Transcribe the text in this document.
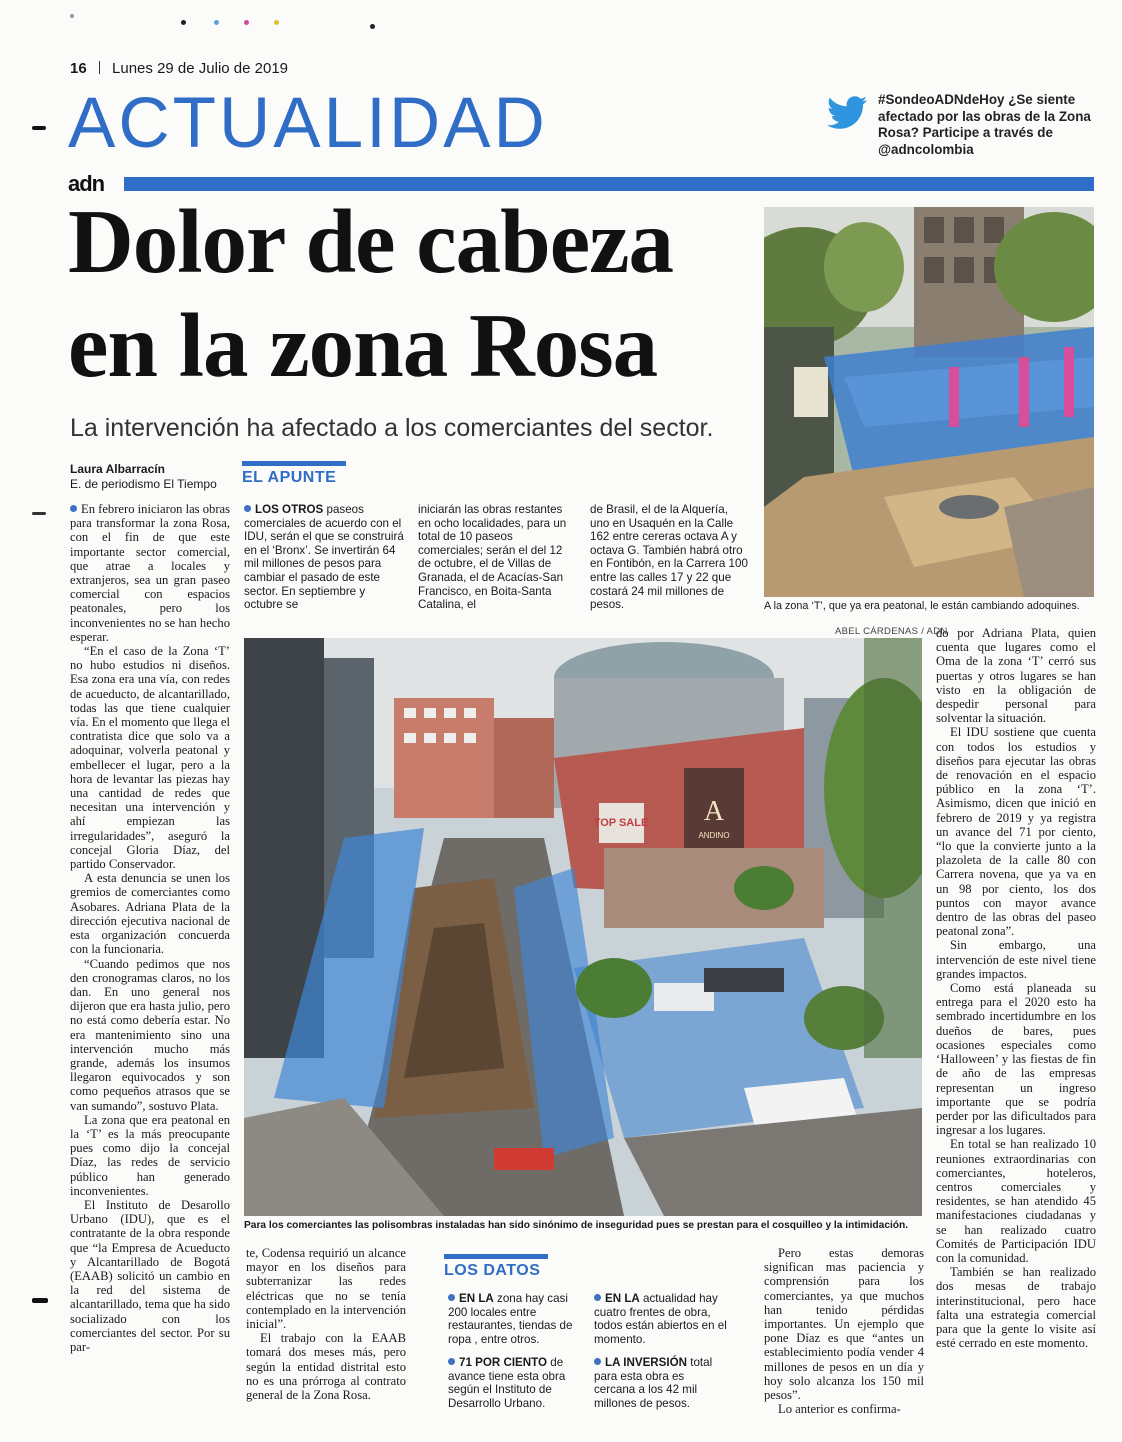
16 Lunes 29 de Julio de 2019
ACTUALIDAD	#SondeoADNdeHoy ¿Se siente afectado por las obras de la Zona Rosa? Participe a través de @adncolombia
adn
Dolor de cabeza
en la zona Rosa
La intervención ha afectado a los comerciantes del sector.
Laura Albarracín
E. de periodismo El Tiempo
A la zona ‘T’, que ya era peatonal, le están cambiando adoquines.

En febrero iniciaron las obras para transformar la zona Rosa, con el fin de que este importante sector comercial, que atrae a locales y extranjeros, sea un gran paseo comercial con espacios peatonales, pero los inconvenientes no se han hecho esperar.

“En el caso de la Zona ‘T’ no hubo estudios ni diseños. Esa zona era una vía, con redes de acueducto, de alcantarillado, todas las que tiene cualquier vía. En el momento que llega el contratista dice que solo va a adoquinar, volverla peatonal y embellecer el lugar, pero a la hora de levantar las piezas hay una cantidad de redes que necesitan una intervención y ahí empiezan las irregularidades”, aseguró la concejal Gloria Díaz, del partido Conservador.

A esta denuncia se unen los gremios de comerciantes como Asobares. Adriana Plata de la dirección ejecutiva nacional de esta organización concuerda con la funcionaria.

“Cuando pedimos que nos den cronogramas claros, no los dan. En uno general nos dijeron que era hasta julio, pero no está como debería estar. No era mantenimiento sino una intervención mucho más grande, además los insumos llegaron equivocados y son como pequeños atrasos que se van sumando”, sostuvo Plata.

La zona que era peatonal en la ‘T’ es la más preocupante pues como dijo la concejal Díaz, las redes de servicio público han generado inconvenientes.

El Instituto de Desarollo Urbano (IDU), que es el contratante de la obra responde que “la Empresa de Acueducto y Alcantarillado de Bogotá (EAAB) solicitó un cambio en la red del sistema de alcantarillado, tema que ha sido socializado con los comerciantes del sector. Por su par-

EL APUNTE
LOS OTROS paseos comerciales de acuerdo con el IDU, serán el que se construirá en el ‘Bronx’. Se invertirán 64 mil millones de pesos para cambiar el pasado de este sector. En septiembre y octubre se
iniciarán las obras restantes en ocho localidades, para un total de 10 paseos comerciales; serán el del 12 de octubre, el de Villas de Granada, el de Acacías-San Francisco, en Boita-Santa Catalina, el
de Brasil, el de la Alquería, uno en Usaquén en la Calle 162 entre cereras octava A y octava G. También habrá otro en Fontibón, en la Carrera 100 entre las calles 17 y 22 que costará 24 mil millones de pesos.
ABEL CÁRDENAS / ADN
TOP SALE A
ANDINO
Para los comerciantes las polisombras instaladas han sido sinónimo de inseguridad pues se prestan para el cosquilleo y la intimidación.

te, Codensa requirió un alcance mayor en los diseños para subterranizar las redes eléctricas que no se tenía contemplado en la intervención inicial”.

El trabajo con la EAAB tomará dos meses más, pero según la entidad distrital esto no es una prórroga al contrato general de la Zona Rosa.

LOS DATOS
EN LA zona hay casi 200 locales entre restaurantes, tiendas de ropa , entre otros.
71 POR CIENTO de avance tiene esta obra según el Instituto de Desarrollo Urbano.
EN LA actualidad hay cuatro frentes de obra, todos están abiertos en el momento.
LA INVERSIÓN total para esta obra es cercana a los 42 mil millones de pesos.

Pero estas demoras significan mas paciencia y comprensión para los comerciantes, ya que muchos han tenido pérdidas importantes. Un ejemplo que pone Díaz es que “antes un establecimiento podía vender 4 millones de pesos en un día y hoy solo alcanza los 150 mil pesos”.

Lo anterior es confirma-

do por Adriana Plata, quien cuenta que lugares como el Oma de la zona ‘T’ cerró sus puertas y otros lugares se han visto en la obligación de despedir personal para solventar la situación.

El IDU sostiene que cuenta con todos los estudios y diseños para ejecutar las obras de renovación en el espacio público en la zona ‘T’. Asimismo, dicen que inició en febrero de 2019 y ya registra un avance del 71 por ciento, “lo que la convierte junto a la plazoleta de la calle 80 con Carrera novena, que ya va en un 98 por ciento, los dos puntos con mayor avance dentro de las obras del paseo peatonal zona”.

Sin embargo, una intervención de este nivel tiene grandes impactos.

Como está planeada su entrega para el 2020 esto ha sembrado incertidumbre en los dueños de bares, pues ocasiones especiales como ‘Halloween’ y las fiestas de fin de año de las empresas representan un ingreso importante que se podría perder por las dificultados para ingresar a los lugares.

En total se han realizado 10 reuniones extraordinarias con comerciantes, hoteleros, centros comerciales y residentes, se han atendido 45 manifestaciones ciudadanas y se han realizado cuatro Comités de Participación IDU con la comunidad.

También se han realizado dos mesas de trabajo interinstitucional, pero hace falta una estrategia comercial para que la gente lo visite así esté cerrado en este momento.
